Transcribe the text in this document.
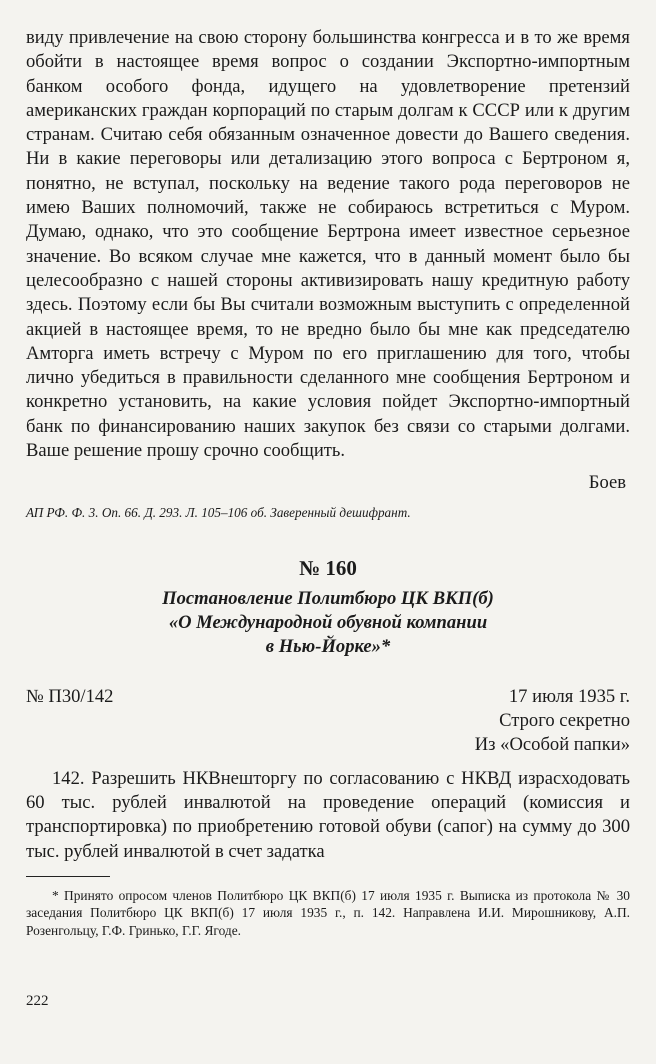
виду привлечение на свою сторону большинства конгресса и в то же время обойти в настоящее время вопрос о создании Экспортно-импортным банком особого фонда, идущего на удовлетворение претензий американских граждан корпораций по старым долгам к СССР или к другим странам. Считаю себя обязанным означенное довести до Вашего сведения. Ни в какие переговоры или детализацию этого вопроса с Бертроном я, понятно, не вступал, поскольку на ведение такого рода переговоров не имею Ваших полномочий, также не собираюсь встретиться с Муром. Думаю, однако, что это сообщение Бертрона имеет известное серьезное значение. Во всяком случае мне кажется, что в данный момент было бы целесообразно с нашей стороны активизировать нашу кредитную работу здесь. Поэтому если бы Вы считали возможным выступить с определенной акцией в настоящее время, то не вредно было бы мне как председателю Амторга иметь встречу с Муром по его приглашению для того, чтобы лично убедиться в правильности сделанного мне сообщения Бертроном и конкретно установить, на какие условия пойдет Экспортно-импортный банк по финансированию наших закупок без связи со старыми долгами. Ваше решение прошу срочно сообщить.

Боев

АП РФ. Ф. 3. Оп. 66. Д. 293. Л. 105–106 об. Заверенный дешифрант.

№ 160

Постановление Политбюро ЦК ВКП(б)

«О Международной обувной компании

в Нью-Йорке»*

№ П30/142	17 июля 1935 г.
Строго секретно
Из «Особой папки»

142. Разрешить НКВнешторгу по согласованию с НКВД израсходовать 60 тыс. рублей инвалютой на проведение операций (комиссия и транспортировка) по приобретению готовой обуви (сапог) на сумму до 300 тыс. рублей инвалютой в счет задатка

* Принято опросом членов Политбюро ЦК ВКП(б) 17 июля 1935 г. Выписка из протокола № 30 заседания Политбюро ЦК ВКП(б) 17 июля 1935 г., п. 142. Направлена И.И. Мирошникову, А.П. Розенгольцу, Г.Ф. Гринько, Г.Г. Ягоде.

222
